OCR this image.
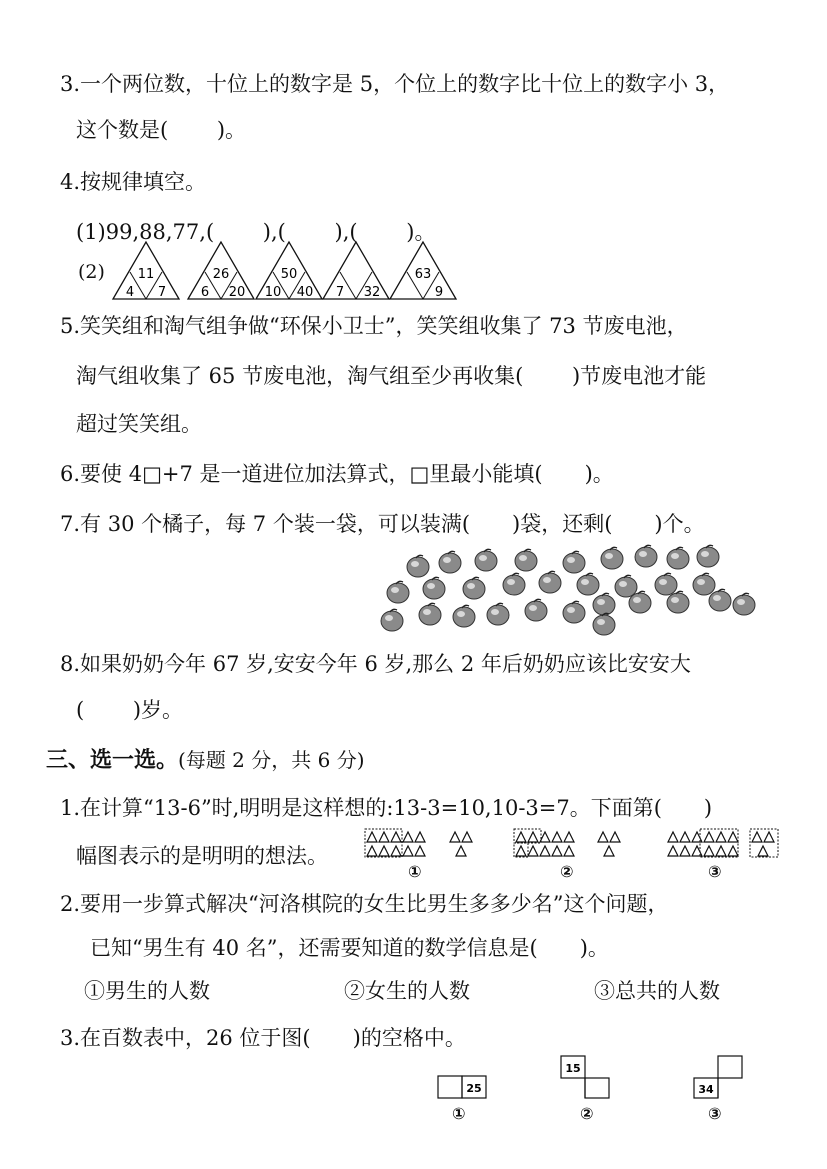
3.一个两位数，十位上的数字是 5，个位上的数字比十位上的数字小 3，
这个数是(　　 )。
4.按规律填空。
(1)99,88,77,(　　 ),(　　 ),(　　 )。
(2)	11
4 7
26
6 20
50
10 40 7 32
63
9
5.笑笑组和淘气组争做“环保小卫士”，笑笑组收集了 73 节废电池，
淘气组收集了 65 节废电池，淘气组至少再收集(　　 )节废电池才能
超过笑笑组。
6.要使 4□+7 是一道进位加法算式，□里最小能填(　　)。
7.有 30 个橘子，每 7 个装一袋，可以装满(　　)袋，还剩(　　)个。
8.如果奶奶今年 67 岁,安安今年 6 岁,那么 2 年后奶奶应该比安安大
(　　 )岁。
三、选一选。(每题 2 分，共 6 分)
1.在计算“13-6”时,明明是这样想的:13-3=10,10-3=7。下面第(　　)
幅图表示的是明明的想法。
①	②	③
2.要用一步算式解决“河洛棋院的女生比男生多多少名”这个问题，
已知“男生有 40 名”，还需要知道的数学信息是(　　)。
①男生的人数	②女生的人数	③总共的人数
3.在百数表中，26 位于图(　　)的空格中。
25
15
34
①	②	③
